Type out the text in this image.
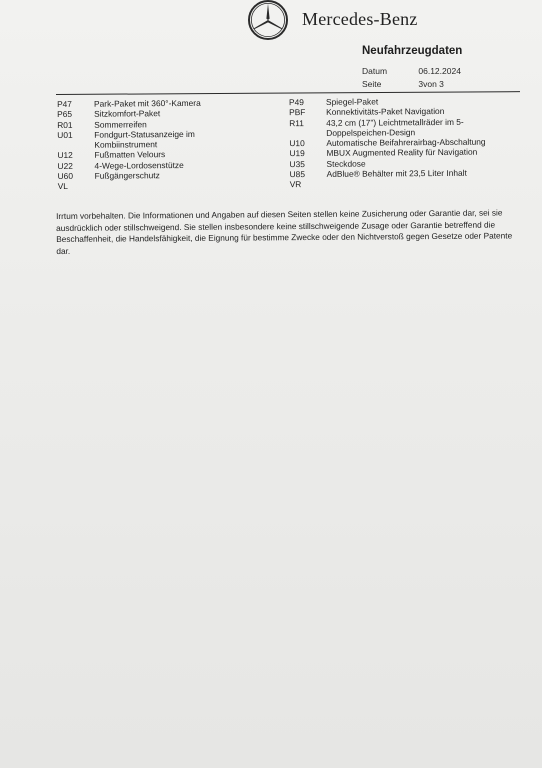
Mercedes-Benz
Neufahrzeugdaten
Datum	06.12.2024
Seite	3von 3
P47	Park-Paket mit 360°-Kamera
P65	Sitzkomfort-Paket
R01	Sommerreifen
U01	Fondgurt-Statusanzeige im
Kombiinstrument
U12	Fußmatten Velours
U22	4-Wege-Lordosenstütze
U60	Fußgängerschutz
VL
P49	Spiegel-Paket
PBF	Konnektivitäts-Paket Navigation
R11	43,2 cm (17") Leichtmetallräder im 5-
Doppelspeichen-Design
U10	Automatische Beifahrerairbag-Abschaltung
U19	MBUX Augmented Reality für Navigation
U35	Steckdose
U85	AdBlue® Behälter mit 23,5 Liter Inhalt
VR
Irrtum vorbehalten. Die Informationen und Angaben auf diesen Seiten stellen keine Zusicherung oder Garantie dar, sei sie ausdrücklich oder stillschweigend. Sie stellen insbesondere keine stillschweigende Zusage oder Garantie betreffend die Beschaffenheit, die Handelsfähigkeit, die Eignung für bestimme Zwecke oder den Nichtverstoß gegen Gesetze oder Patente dar.
